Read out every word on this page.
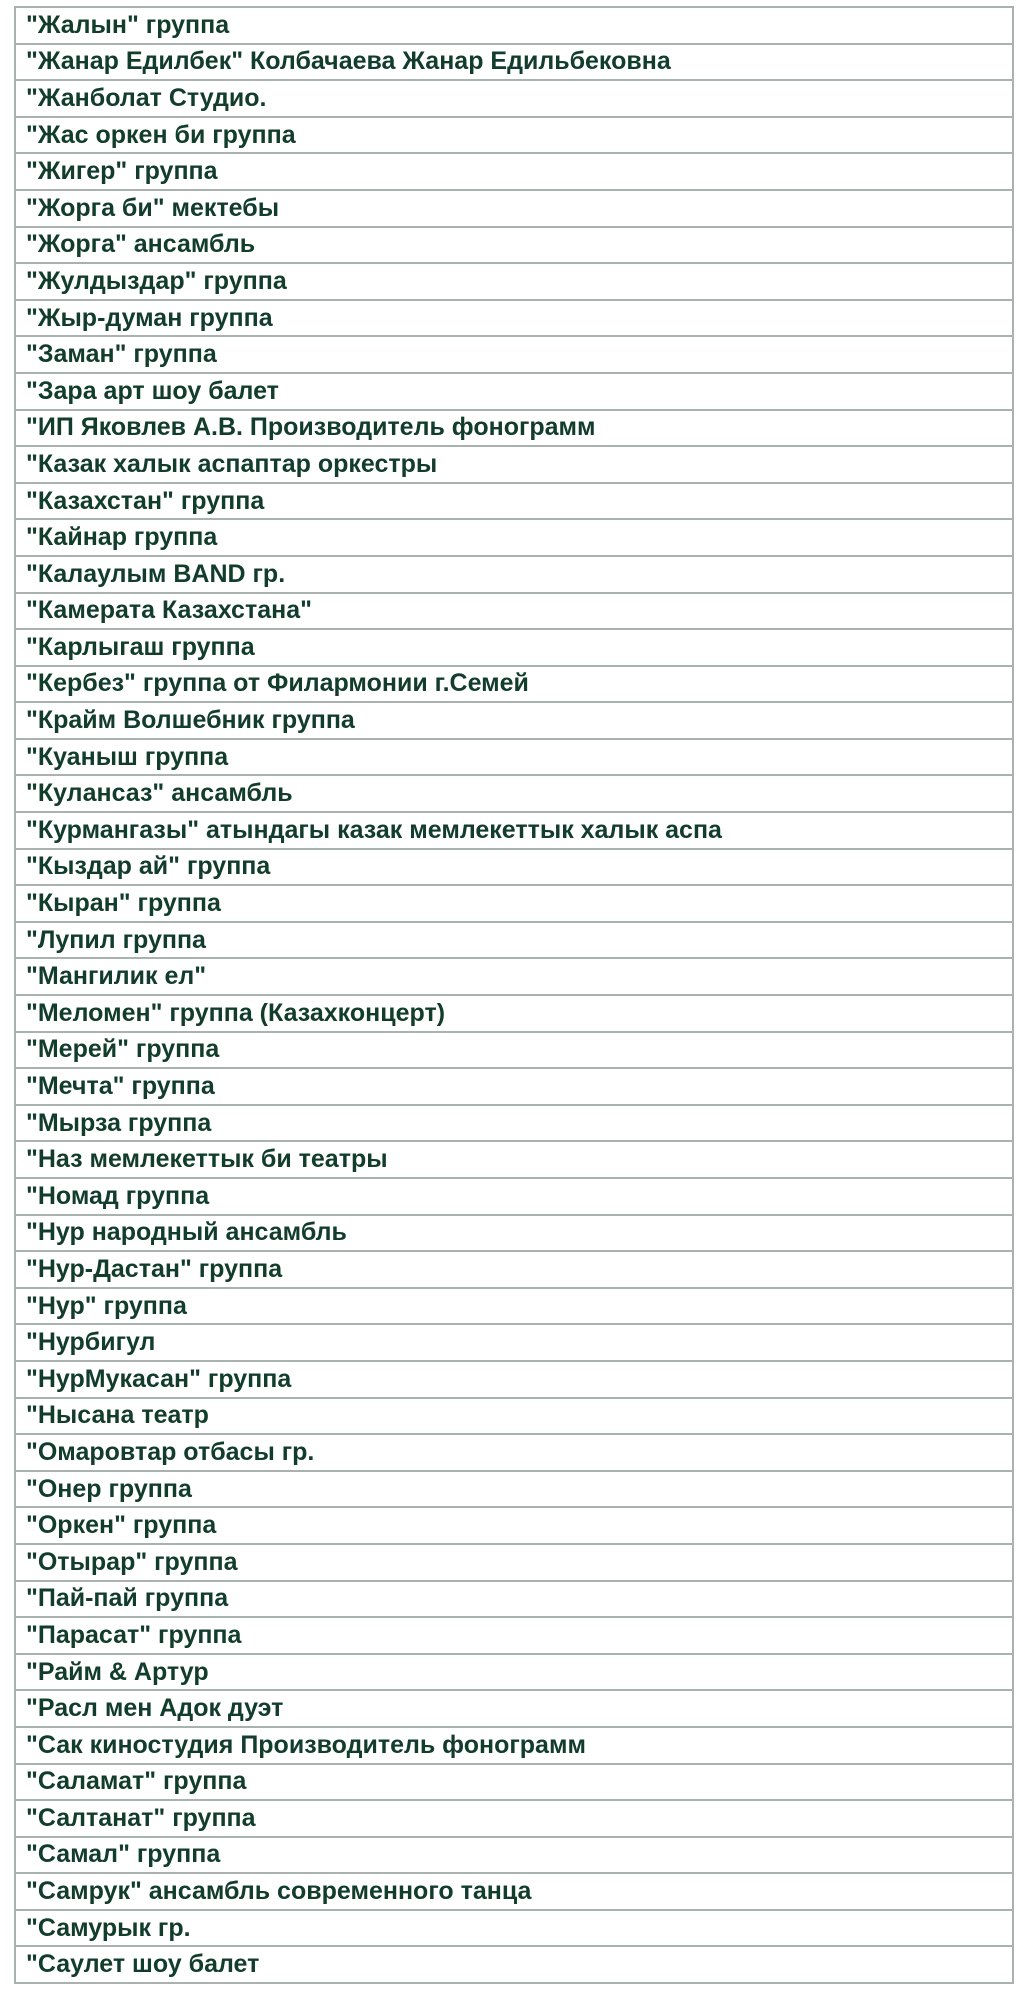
"Жалын" группа
"Жанар Едилбек" Колбачаева Жанар Едильбековна
"Жанболат Студио.
"Жас оркен би группа
"Жигер" группа
"Жорга би" мектебы
"Жорга" ансамбль
"Жулдыздар" группа
"Жыр-думан группа
"Заман" группа
"Зара арт шоу балет
"ИП Яковлев А.В. Производитель фонограмм
"Казак халык аспаптар оркестры
"Казахстан" группа
"Кайнар группа
"Калаулым BAND гр.
"Камерата Казахстана"
"Карлыгаш группа
"Кербез" группа от Филармонии г.Семей
"Крайм Волшебник группа
"Куаныш группа
"Кулансаз" ансамбль
"Курмангазы" атындагы казак мемлекеттык халык аспа
"Кыздар ай" группа
"Кыран" группа
"Лупил группа
"Мангилик ел"
"Меломен" группа (Казахконцерт)
"Мерей" группа
"Мечта" группа
"Мырза группа
"Наз мемлекеттык би театры
"Номад группа
"Нур народный ансамбль
"Нур-Дастан" группа
"Нур" группа
"Нурбигул
"НурМукасан" группа
"Нысана театр
"Омаровтар отбасы гр.
"Онер группа
"Оркен" группа
"Отырар" группа
"Пай-пай группа
"Парасат" группа
"Райм & Артур
"Расл мен Адок дуэт
"Сак киностудия Производитель фонограмм
"Саламат" группа
"Салтанат" группа
"Самал" группа
"Самрук" ансамбль современного танца
"Самурык гр.
"Саулет шоу балет
